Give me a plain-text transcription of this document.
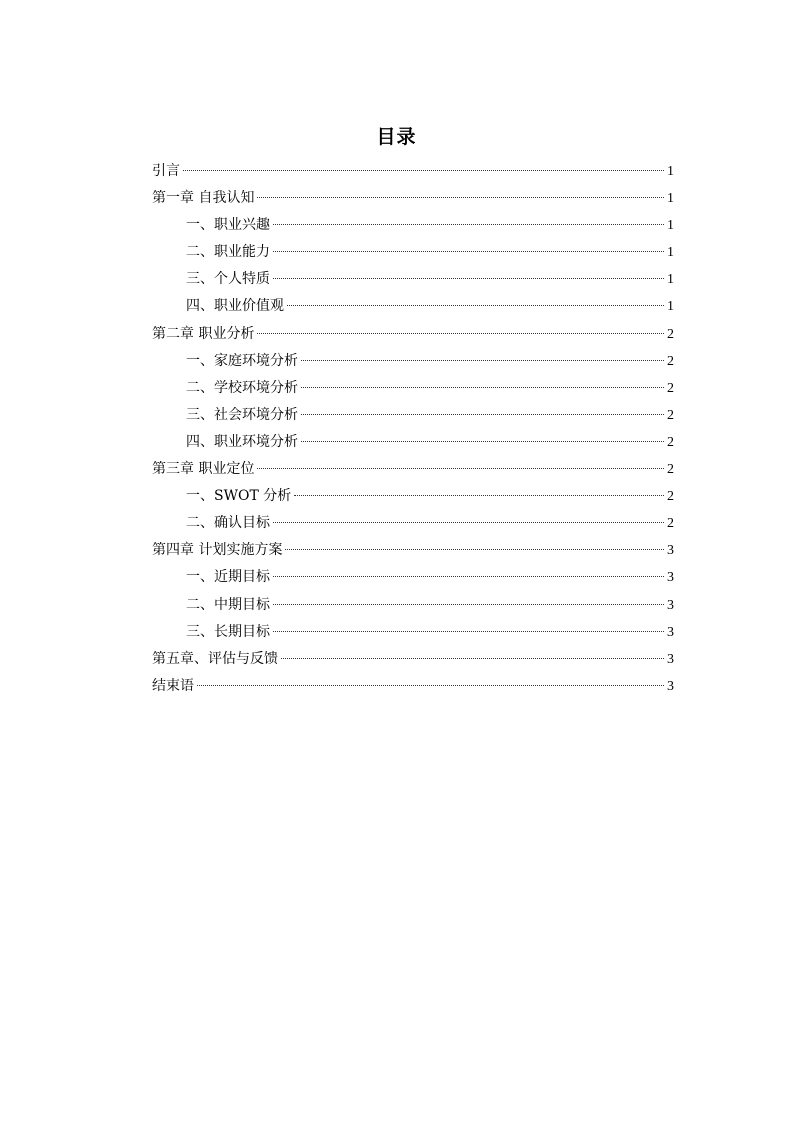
目录
引言	1
第一章 自我认知	1
一、职业兴趣	1
二、职业能力	1
三、个人特质	1
四、职业价值观	1
第二章 职业分析	2
一、家庭环境分析	2
二、学校环境分析	2
三、社会环境分析	2
四、职业环境分析	2
第三章 职业定位	2
一、SWOT 分析	2
二、确认目标	2
第四章 计划实施方案	3
一、近期目标	3
二、中期目标	3
三、长期目标	3
第五章、评估与反馈	3
结束语	3
